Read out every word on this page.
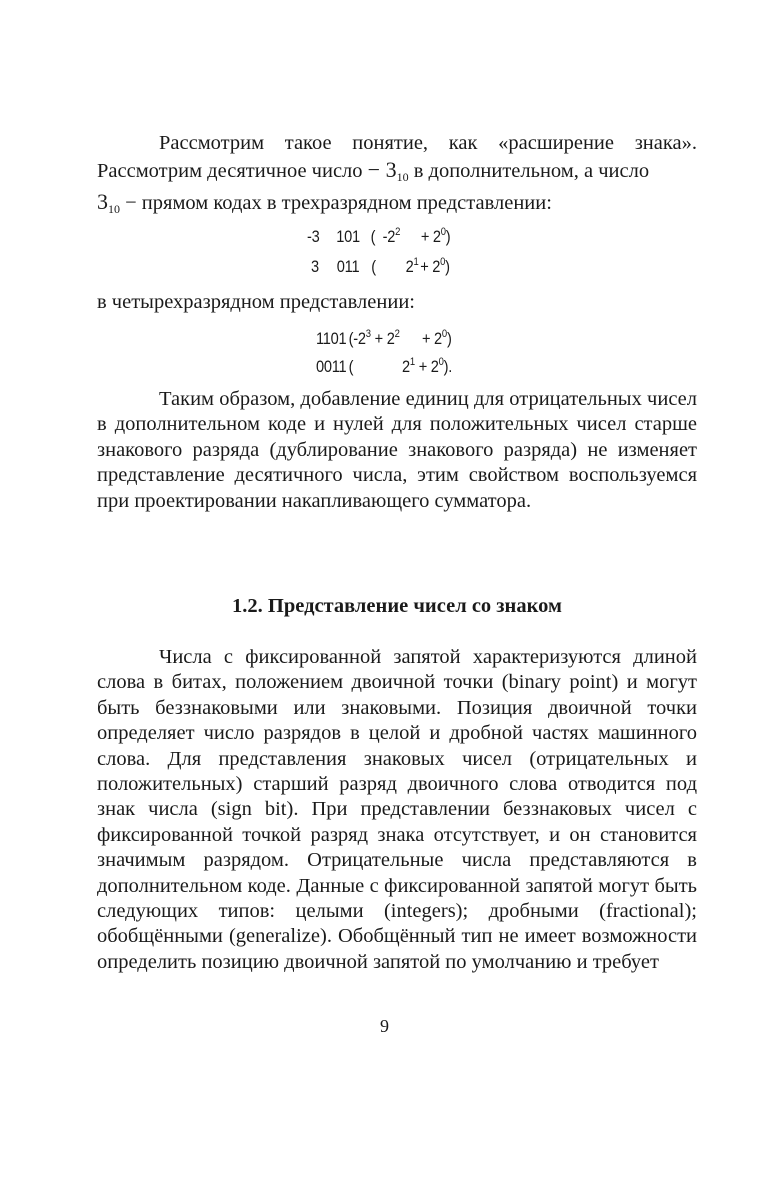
Рассмотрим такое понятие, как «расширение знака».
Рассмотрим десятичное число − $3_{10}$ в дополнительном, а число
$3_{10}$ − прямом кодах в трехразрядном представлении:
-3 101 ( $-2^2 + 2^0$)
3 011 ( $2^1 + 2^0$)
в четырехразрядном представлении:
1101 $(-2^3 + 2^2 + 2^0)$
0011 (	$2^1 + 2^0$).

Таким образом, добавление единиц для отрицательных чисел в дополнительном коде и нулей для положительных чисел старше знакового разряда (дублирование знакового разряда) не изменяет представление десятичного числа, этим свойством воспользуемся при проектировании накапливающего сумматора.

1.2. Представление чисел со знаком

Числа с фиксированной запятой характеризуются длиной слова в битах, положением двоичной точки (binary point) и могут быть беззнаковыми или знаковыми. Позиция двоичной точки определяет число разрядов в целой и дробной частях машинного слова. Для представления знаковых чисел (отрицательных и положительных) старший разряд двоичного слова отводится под знак числа (sign bit). При представлении беззнаковых чисел с фиксированной точкой разряд знака отсутствует, и он становится значимым разрядом. Отрицательные числа представляются в дополнительном коде. Данные с фиксированной запятой могут быть следующих типов: целыми (integers); дробными (fractional); обобщёнными (generalize). Обобщённый тип не имеет возможности определить позицию двоичной запятой по умолчанию и требует

9
